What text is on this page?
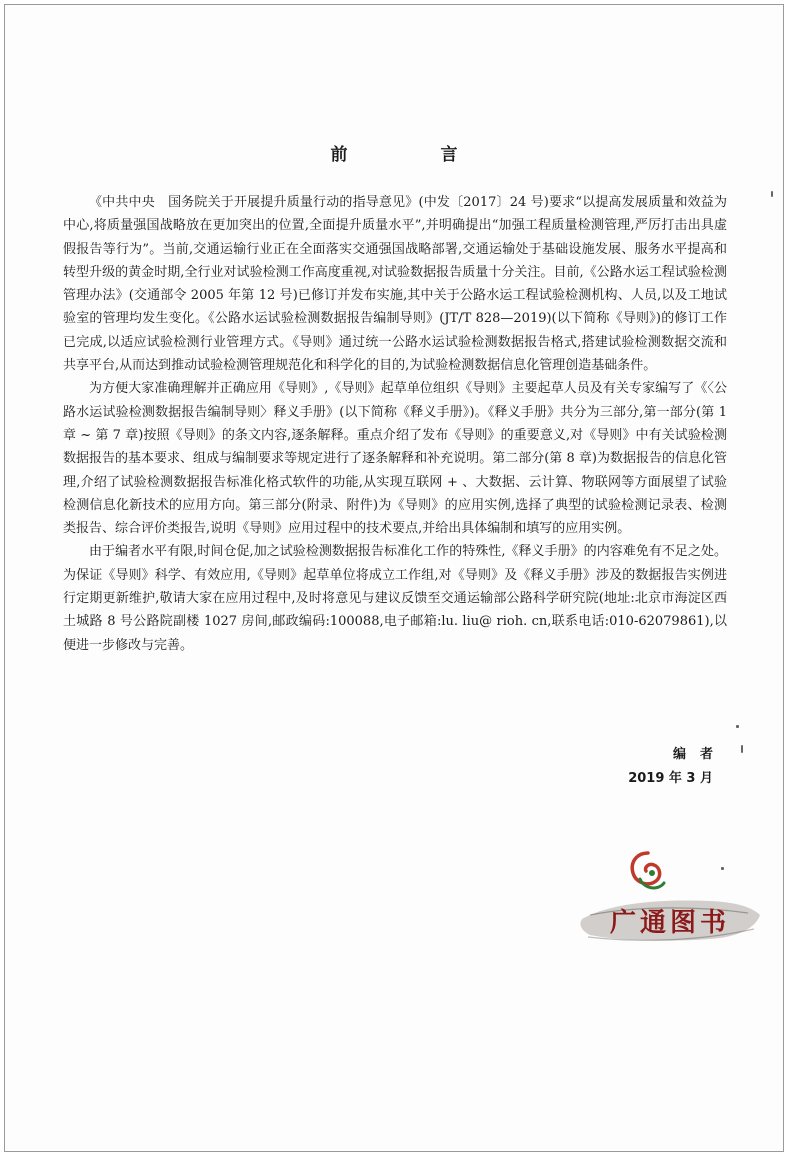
前　言

《中共中央　国务院关于开展提升质量行动的指导意见》(中发〔2017〕24 号)要求“以提高发展质量和效益为中心,将质量强国战略放在更加突出的位置,全面提升质量水平”,并明确提出“加强工程质量检测管理,严厉打击出具虚假报告等行为”。当前,交通运输行业正在全面落实交通强国战略部署,交通运输处于基础设施发展、服务水平提高和转型升级的黄金时期,全行业对试验检测工作高度重视,对试验数据报告质量十分关注。目前,《公路水运工程试验检测管理办法》(交通部令 2005 年第 12 号)已修订并发布实施,其中关于公路水运工程试验检测机构、人员,以及工地试验室的管理均发生变化。《公路水运试验检测数据报告编制导则》(JT/T 828—2019)(以下简称《导则》)的修订工作已完成,以适应试验检测行业管理方式。《导则》通过统一公路水运试验检测数据报告格式,搭建试验检测数据交流和共享平台,从而达到推动试验检测管理规范化和科学化的目的,为试验检测数据信息化管理创造基础条件。

为方便大家准确理解并正确应用《导则》,《导则》起草单位组织《导则》主要起草人员及有关专家编写了《〈公路水运试验检测数据报告编制导则〉释义手册》(以下简称《释义手册》)。《释义手册》共分为三部分,第一部分(第 1 章 ~ 第 7 章)按照《导则》的条文内容,逐条解释。重点介绍了发布《导则》的重要意义,对《导则》中有关试验检测数据报告的基本要求、组成与编制要求等规定进行了逐条解释和补充说明。第二部分(第 8 章)为数据报告的信息化管理,介绍了试验检测数据报告标准化格式软件的功能,从实现互联网 + 、大数据、云计算、物联网等方面展望了试验检测信息化新技术的应用方向。第三部分(附录、附件)为《导则》的应用实例,选择了典型的试验检测记录表、检测类报告、综合评价类报告,说明《导则》应用过程中的技术要点,并给出具体编制和填写的应用实例。

由于编者水平有限,时间仓促,加之试验检测数据报告标准化工作的特殊性,《释义手册》的内容难免有不足之处。为保证《导则》科学、有效应用,《导则》起草单位将成立工作组,对《导则》及《释义手册》涉及的数据报告实例进行定期更新维护,敬请大家在应用过程中,及时将意见与建议反馈至交通运输部公路科学研究院(地址:北京市海淀区西土城路 8 号公路院副楼 1027 房间,邮政编码:100088,电子邮箱:lu. liu@ rioh. cn,联系电话:010-62079861),以便进一步修改与完善。

编者
2019 年 3 月
广通图书
